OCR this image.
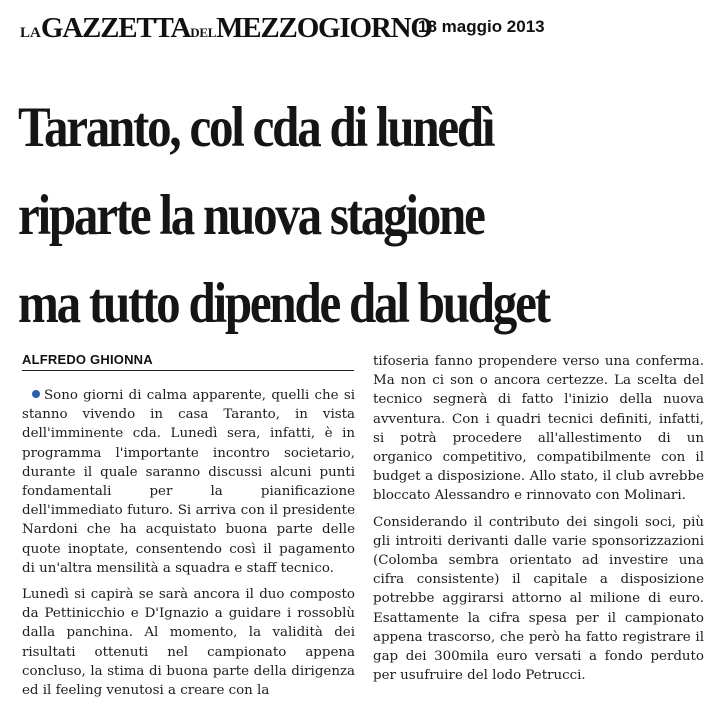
LA GAZZETTA DEL MEZZOGIORNO
18 maggio 2013
Taranto, col cda di lunedì
riparte la nuova stagione
ma tutto dipende dal budget
ALFREDO GHIONNA

Sono giorni di calma apparente, quelli che si stanno vivendo in casa Taranto, in vista dell'imminente cda. Lunedì sera, infatti, è in programma l'importante incontro societario, durante il quale saranno discussi alcuni punti fondamentali per la pianificazione dell'immediato futuro. Si arriva con il presidente Nardoni che ha acquistato buona parte delle quote inoptate, consentendo così il pagamento di un'altra mensilità a squadra e staff tecnico.

Lunedì si capirà se sarà ancora il duo composto da Pettinicchio e D'Ignazio a guidare i rossoblù dalla panchina. Al momento, la validità dei risultati ottenuti nel campionato appena concluso, la stima di buona parte della dirigenza ed il feeling venutosi a creare con la

tifoseria fanno propendere verso una conferma. Ma non ci son o ancora certezze. La scelta del tecnico segnerà di fatto l'inizio della nuova avventura. Con i quadri tecnici definiti, infatti, si potrà procedere all'allestimento di un organico competitivo, compatibilmente con il budget a disposizione. Allo stato, il club avrebbe bloccato Alessandro e rinnovato con Molinari.

Considerando il contributo dei singoli soci, più gli introiti derivanti dalle varie sponsorizzazioni (Colomba sembra orientato ad investire una cifra consistente) il capitale a disposizione potrebbe aggirarsi attorno al milione di euro. Esattamente la cifra spesa per il campionato appena trascorso, che però ha fatto registrare il gap dei 300mila euro versati a fondo perduto per usufruire del lodo Petrucci.
